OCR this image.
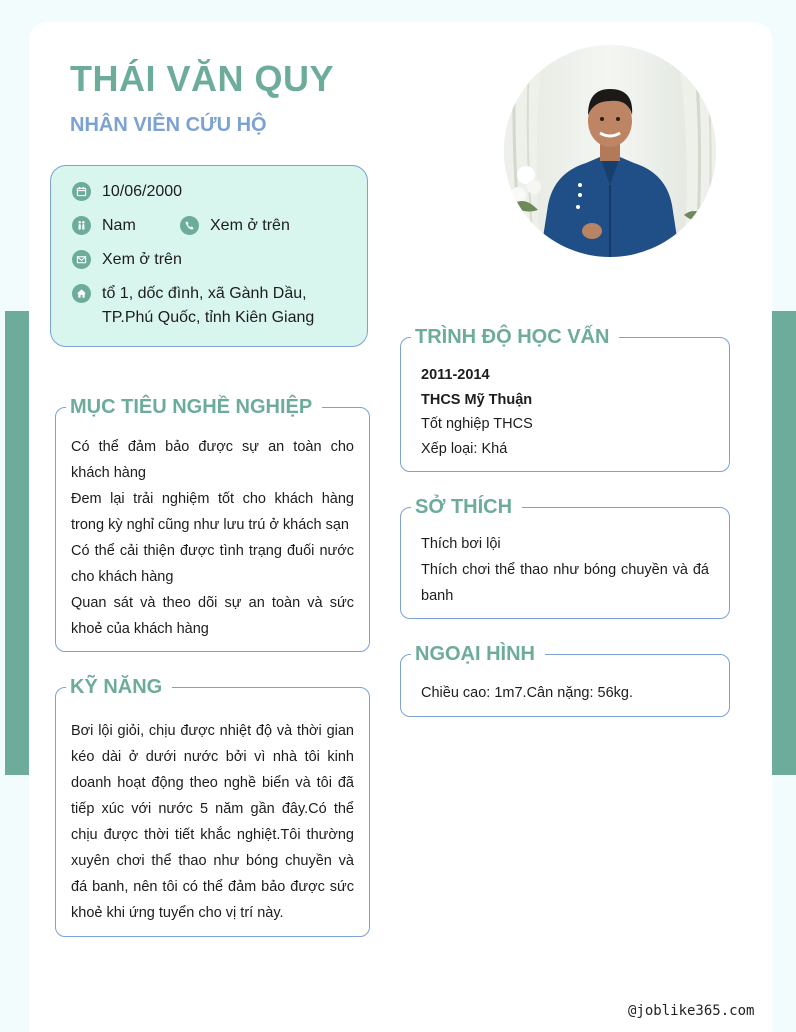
THÁI VĂN QUY
NHÂN VIÊN CỨU HỘ
10/06/2000
Nam	Xem ở trên
Xem ở trên
tổ 1, dốc đình, xã Gành Dầu,
TP.Phú Quốc, tỉnh Kiên Giang
Có thể đảm bảo được sự an toàn cho khách hàng
Đem lại trải nghiệm tốt cho khách hàng trong kỳ nghỉ cũng như lưu trú ở khách sạn
Có thể cải thiện được tình trạng đuối nước cho khách hàng
Quan sát và theo dõi sự an toàn và sức khoẻ của khách hàng
MỤC TIÊU NGHỀ NGHIỆP
Bơi lội giỏi, chịu được nhiệt độ và thời gian kéo dài ở dưới nước bởi vì nhà tôi kinh doanh hoạt động theo nghề biển và tôi đã tiếp xúc với nước 5 năm gần đây.Có thể chịu được thời tiết khắc nghiệt.Tôi thường xuyên chơi thể thao như bóng chuyền và đá banh, nên tôi có thể đảm bảo được sức khoẻ khi ứng tuyển cho vị trí này.
KỸ NĂNG
2011-2014
THCS Mỹ Thuận
Tốt nghiệp THCS
Xếp loại: Khá
TRÌNH ĐỘ HỌC VẤN
Thích bơi lội
Thích chơi thể thao như bóng chuyền và đá banh
SỞ THÍCH
Chiều cao: 1m7.Cân nặng: 56kg.
NGOẠI HÌNH
@joblike365.com
